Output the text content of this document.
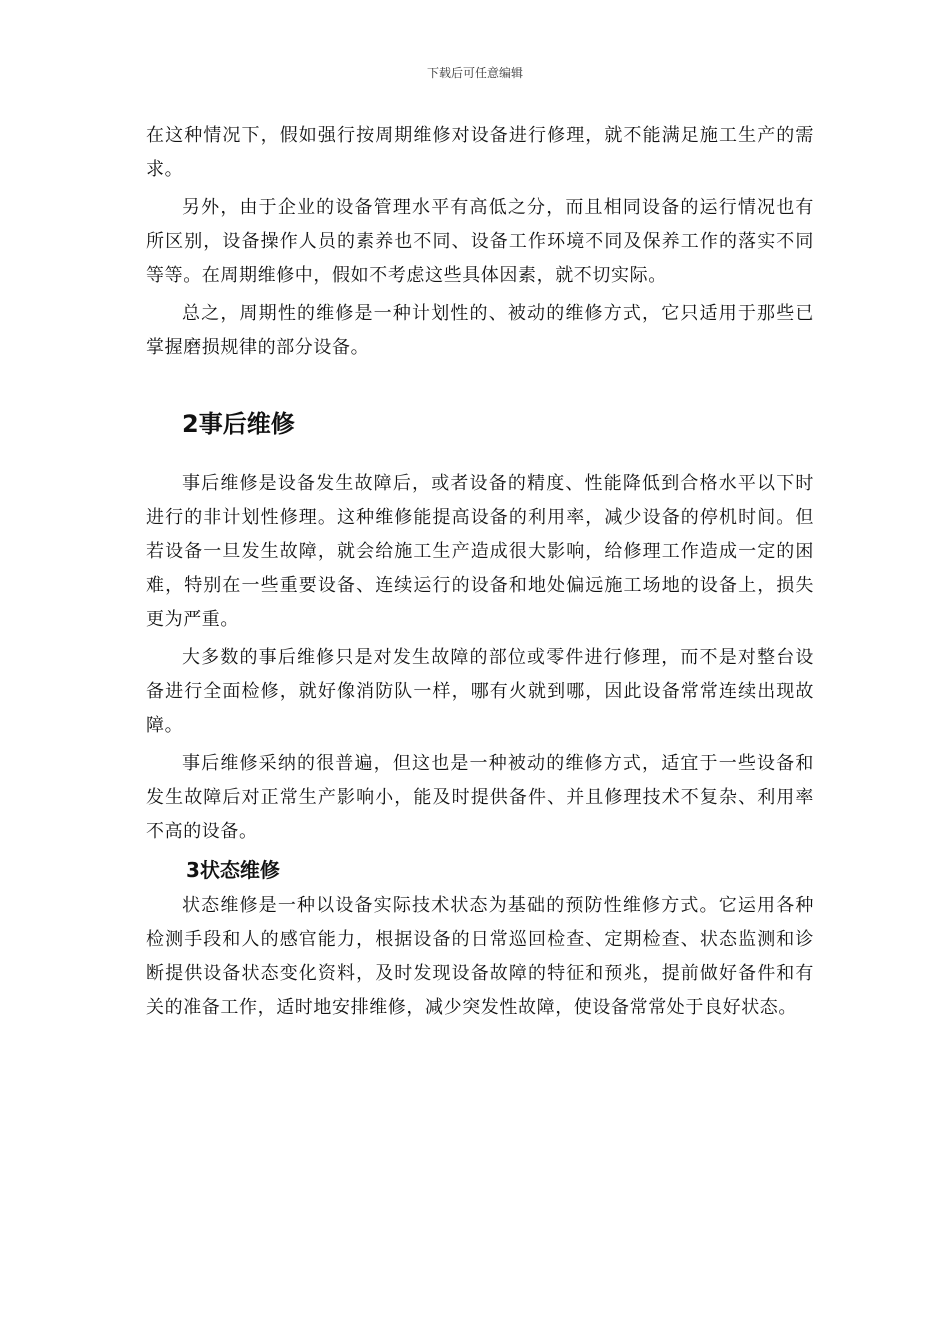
下载后可任意编辑

在这种情况下，假如强行按周期维修对设备进行修理，就不能满足施工生产的需求。

另外，由于企业的设备管理水平有高低之分，而且相同设备的运行情况也有所区别，设备操作人员的素养也不同、设备工作环境不同及保养工作的落实不同等等。在周期维修中，假如不考虑这些具体因素，就不切实际。

总之，周期性的维修是一种计划性的、被动的维修方式，它只适用于那些已掌握磨损规律的部分设备。

2事后维修

事后维修是设备发生故障后，或者设备的精度、性能降低到合格水平以下时进行的非计划性修理。这种维修能提高设备的利用率，减少设备的停机时间。但若设备一旦发生故障，就会给施工生产造成很大影响，给修理工作造成一定的困难，特别在一些重要设备、连续运行的设备和地处偏远施工场地的设备上，损失更为严重。

大多数的事后维修只是对发生故障的部位或零件进行修理，而不是对整台设备进行全面检修，就好像消防队一样，哪有火就到哪，因此设备常常连续出现故障。

事后维修采纳的很普遍，但这也是一种被动的维修方式，适宜于一些设备和发生故障后对正常生产影响小，能及时提供备件、并且修理技术不复杂、利用率不高的设备。

3状态维修

状态维修是一种以设备实际技术状态为基础的预防性维修方式。它运用各种检测手段和人的感官能力，根据设备的日常巡回检查、定期检查、状态监测和诊断提供设备状态变化资料，及时发现设备故障的特征和预兆，提前做好备件和有关的准备工作，适时地安排维修，减少突发性故障，使设备常常处于良好状态。
